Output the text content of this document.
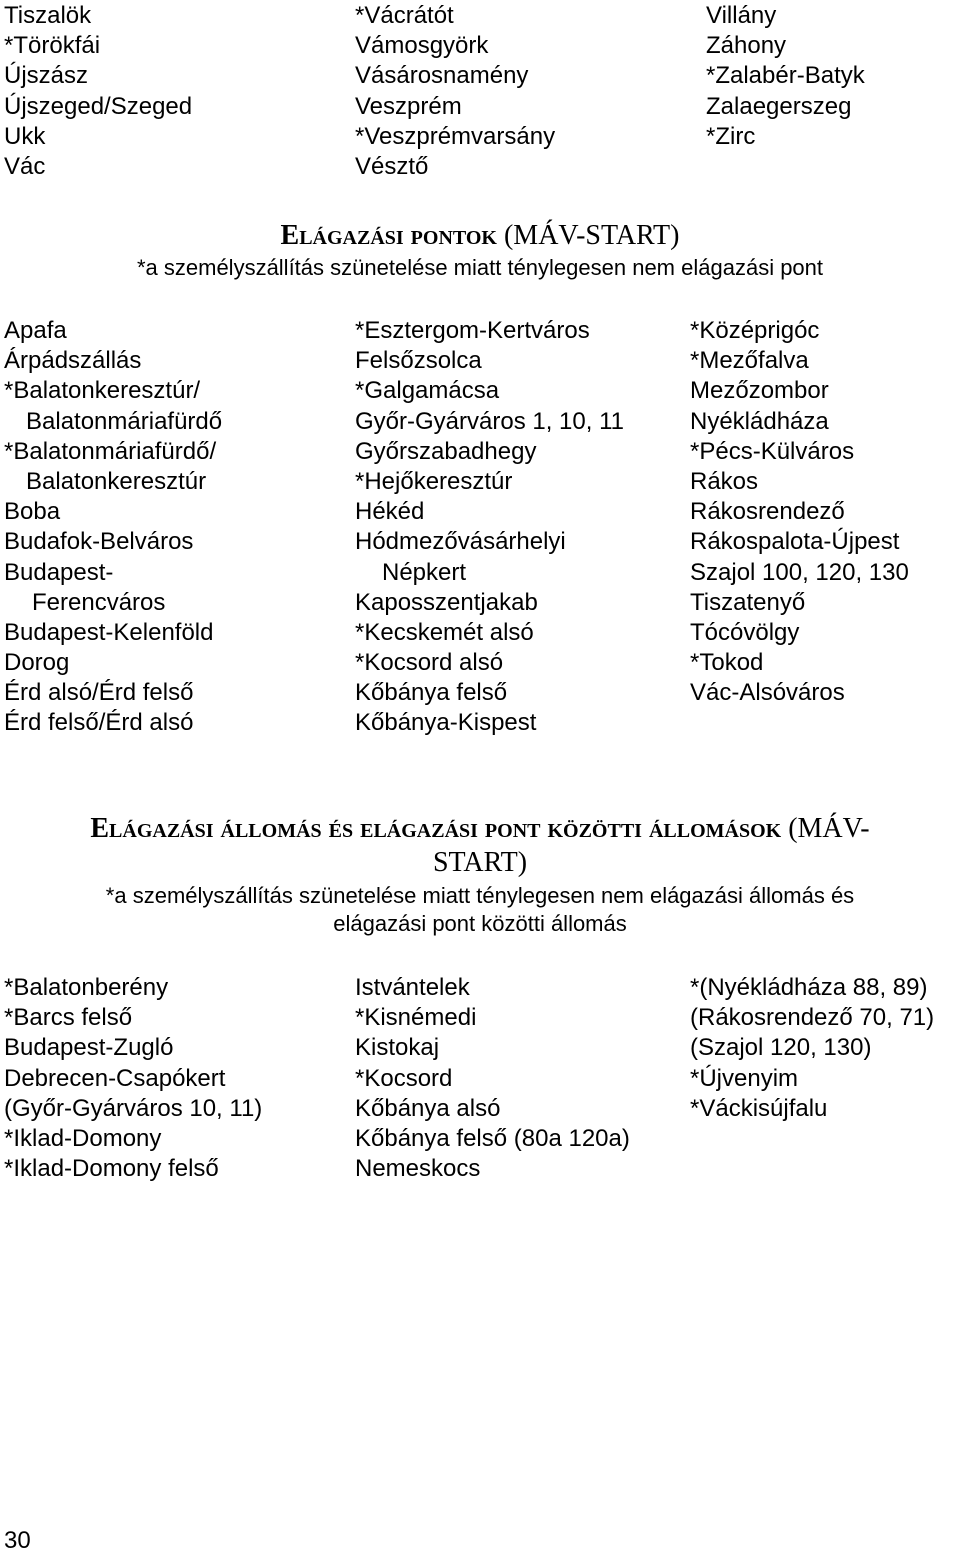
Tiszalök
*Törökfái
Újszász
Újszeged/Szeged
Ukk
Vác
*Vácrátót
Vámosgyörk
Vásárosnamény
Veszprém
*Veszprémvarsány
Vésztő
Villány
Záhony
*Zalabér-Batyk
Zalaegerszeg
*Zirc
Elágazási pontok (MÁV-START)
*a személyszállítás szünetelése miatt ténylegesen nem elágazási pont
Apafa
Árpádszállás
*Balatonkeresztúr/
Balatonmáriafürdő
*Balatonmáriafürdő/
Balatonkeresztúr
Boba
Budafok-Belváros
Budapest-
Ferencváros
Budapest-Kelenföld
Dorog
Érd alsó/Érd felső
Érd felső/Érd alsó
*Esztergom-Kertváros
Felsőzsolca
*Galgamácsa
Győr-Gyárváros 1, 10, 11
Győrszabadhegy
*Hejőkeresztúr
Hékéd
Hódmezővásárhelyi
Népkert
Kaposszentjakab
*Kecskemét alsó
*Kocsord alsó
Kőbánya felső
Kőbánya-Kispest
*Középrigóc
*Mezőfalva
Mezőzombor
Nyékládháza
*Pécs-Külváros
Rákos
Rákosrendező
Rákospalota-Újpest
Szajol 100, 120, 130
Tiszatenyő
Tócóvölgy
*Tokod
Vác-Alsóváros
Elágazási állomás és elágazási pont közötti állomások (MÁV-
START)
*a személyszállítás szünetelése miatt ténylegesen nem elágazási állomás és
elágazási pont közötti állomás
*Balatonberény
*Barcs felső
Budapest-Zugló
Debrecen-Csapókert
(Győr-Gyárváros 10, 11)
*Iklad-Domony
*Iklad-Domony felső
Istvántelek
*Kisnémedi
Kistokaj
*Kocsord
Kőbánya alsó
Kőbánya felső (80a 120a)
Nemeskocs
*(Nyékládháza 88, 89)
(Rákosrendező 70, 71)
(Szajol 120, 130)
*Újvenyim
*Váckisújfalu
30
